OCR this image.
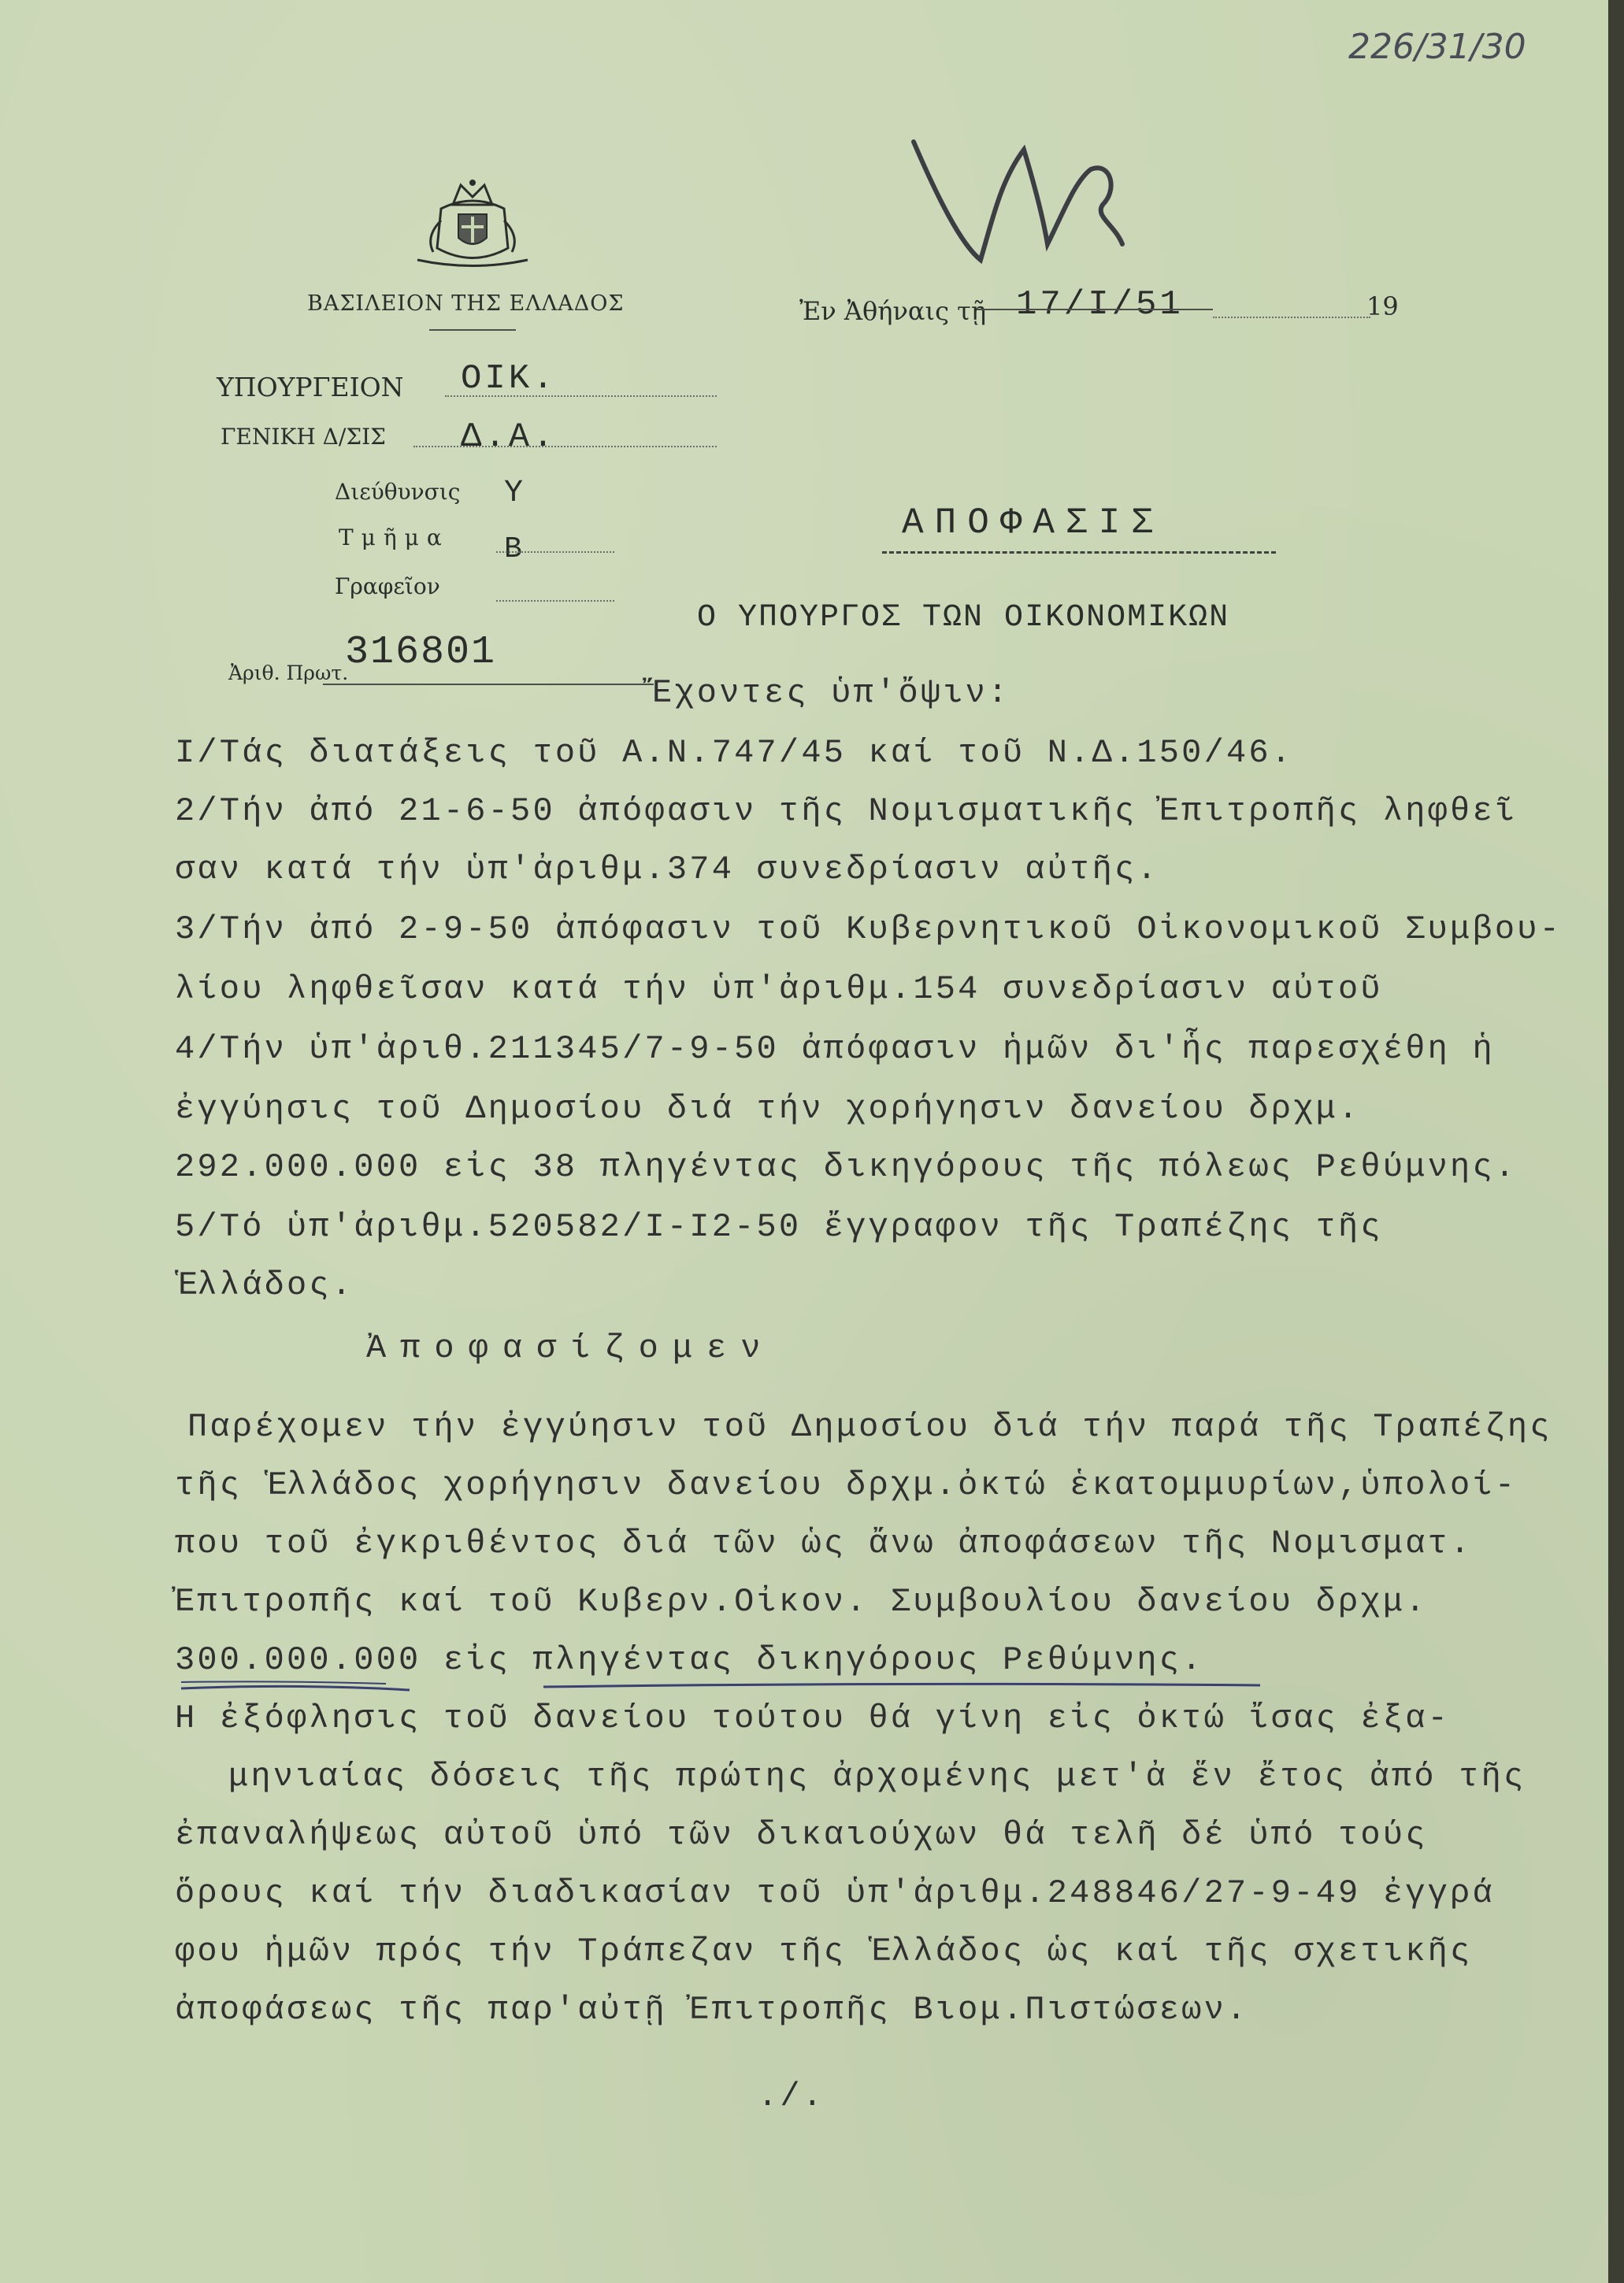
226/31/30
ΒΑΣΙΛΕΙΟΝ ΤΗΣ ΕΛΛΑΔΟΣ	Ἐν Ἀθήναις τῇ 17/I/51	19
ΥΠΟΥΡΓΕΙΟΝ ΟΙΚ.
ΓΕΝΙΚΗ Δ/ΣΙΣ Δ.Α.
Διεύθυνσις Υ
Τμῆμα Β
Γραφεῖον
Ἀριθ. Πρωτ.
316801
ΑΠΟΦΑΣΙΣ
Ο ΥΠΟΥΡΓΟΣ ΤΩΝ ΟΙΚΟΝΟΜΙΚΩΝ
Ἔχοντες ὑπ'ὄψιν:
I/Τάς διατάξεις τοῦ Α.Ν.747/45 καί τοῦ Ν.Δ.150/46.
2/Τήν ἀπό 21-6-50 ἀπόφασιν τῆς Νομισματικῆς Ἐπιτροπῆς ληφθεῖ
σαν κατά τήν ὑπ'ἀριθμ.374 συνεδρίασιν αὐτῆς.
3/Τήν ἀπό 2-9-50 ἀπόφασιν τοῦ Κυβερνητικοῦ Οἰκονομικοῦ Συμβου-
λίου ληφθεῖσαν κατά τήν ὑπ'ἀριθμ.154 συνεδρίασιν αὐτοῦ
4/Τήν ὑπ'ἀριθ.211345/7-9-50 ἀπόφασιν ἡμῶν δι'ἧς παρεσχέθη ἡ
ἐγγύησις τοῦ Δημοσίου διά τήν χορήγησιν δανείου δρχμ.
292.000.000 εἰς 38 πληγέντας δικηγόρους τῆς πόλεως Ρεθύμνης.
5/Τό ὑπ'ἀριθμ.520582/I-I2-50 ἔγγραφον τῆς Τραπέζης τῆς
Ἑλλάδος.
Ἀποφασίζομεν
Παρέχομεν τήν ἐγγύησιν τοῦ Δημοσίου διά τήν παρά τῆς Τραπέζης
τῆς Ἑλλάδος χορήγησιν δανείου δρχμ.ὀκτώ ἑκατομμυρίων,ὑπολοί-
που τοῦ ἐγκριθέντος διά τῶν ὡς ἄνω ἀποφάσεων τῆς Νομισματ.
Ἐπιτροπῆς καί τοῦ Κυβερν.Οἰκον. Συμβουλίου δανείου δρχμ.
300.000.000 εἰς πληγέντας δικηγόρους Ρεθύμνης.
Η ἐξόφλησις τοῦ δανείου τούτου θά γίνη εἰς ὀκτώ ἴσας ἐξα-
μηνιαίας δόσεις τῆς πρώτης ἀρχομένης μετ'ἀ ἕν ἔτος ἀπό τῆς
ἐπαναλήψεως αὐτοῦ ὑπό τῶν δικαιούχων θά τελῆ δέ ὑπό τούς
ὅρους καί τήν διαδικασίαν τοῦ ὑπ'ἀριθμ.248846/27-9-49 ἐγγρά
φου ἡμῶν πρός τήν Τράπεζαν τῆς Ἑλλάδος ὡς καί τῆς σχετικῆς
ἀποφάσεως τῆς παρ'αὐτῇ Ἐπιτροπῆς Βιομ.Πιστώσεων.
./.
